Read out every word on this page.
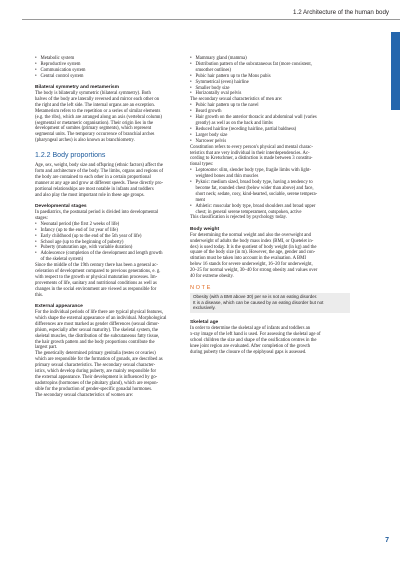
1.2 Architecture of the human body
• Metabolic system
• Reproductive system
• Communication system
• Central control system

Bilateral symmetry and metamerism

The body is bilaterally symmetric (bilateral symmetry). Both

halves of the body are laterally reversed and mirror each other on

the right and the left side. The internal organs are an exception.

Metamerism refers to the repetition or a series of similar elements

(e.g. the ribs), which are arranged along an axis (vertebral column)

(segmental or metameric organisation). Their origin lies in the

development of somites (primary segments), which represent

segmental units. The temporary occurrence of branchial arches

(pharyngeal arches) is also known as branchiometry.

1.2.2 Body proportions

Age, sex, weight, body size and offspring (ethnic factors) affect the

form and architecture of the body. The limbs, organs and regions of

the body are contained to each other in a certain proportional

manner at any age and grow at different speeds. These directly pro-

portional relationships are most notable in infants and toddlers

and also play the most important role in these age groups.

Developmental stages

In paediatrics, the postnatal period is divided into developmental

stages:

• Neonatal period (the first 2 weeks of life)
• Infancy (up to the end of 1st year of life)
• Early childhood (up to the end of the 5th year of life)
• School age (up to the beginning of puberty)
• Puberty (maturation age, with variable duration)
• Adolescence (completion of the development and length growth

of the skeletal system)

Since the middle of the 19th century there has been a general ac-

celeration of development compared to previous generations, e. g.

with respect to the growth or physical maturation processes. Im-

provements of life, sanitary and nutritional conditions as well as

changes in the social environment are viewed as responsible for

this.

External appearance

For the individual periods of life there are typical physical features,

which shape the external appearance of an individual. Morphological

differences are most marked as gender differences (sexual dimor-

phism, especially after sexual maturity). The skeletal system, the

skeletal muscles, the distribution of the subcutaneous fatty tissue,

the hair growth pattern and the body proportions contribute the

largest part.

The genetically determined primary genitalia (testes or ovaries)

which are responsible for the formation of gonads, are described as

primary sexual characteristics. The secondary sexual character-

istics, which develop during puberty, are mainly responsible for

the external appearance. Their development is influenced by go-

nadotropins (hormones of the pituitary gland), which are respon-

sible for the production of gender-specific gonadal hormones.

The secondary sexual characteristics of women are:

• Mammary gland (mamma)
• Distribution pattern of the subcutaneous fat (more consistent,

smoother outlines)

• Pubic hair pattern up to the Mons pubis
• Symmetrical (even) hairline
• Smaller body size
• Horizontally oval pelvis

The secondary sexual characteristics of men are:

• Pubic hair pattern up to the navel
• Beard growth
• Hair growth on the anterior thoracic and abdominal wall (varies

greatly) as well as on the back and limbs

• Reduced hairline (receding hairline, partial baldness)
• Larger body size
• Narrower pelvis

Constitution refers to every person's physical and mental charac-

teristics that are very individual in their interdependencies. Ac-

cording to Kretschmer, a distinction is made between 3 constitu-

tional types:

• Leptosome: slim, slender body type, fragile limbs with light-

weighted bones and thin muscles

• Pyknic: medium sized, broad body type, having a tendency to

become fat, rounded chest (below wider than above) and face,

short neck; sedate, cosy, kind-hearted, sociable, serene tempera-

ment

• Athletic: muscular body type, broad shoulders and broad upper

chest; in general serene temperament, outspoken, active

This classification is rejected by psychology today.

Body weight

For determining the normal weight and also the overweight and

underweight of adults the body mass index (BMI, or Quetelet in-

dex) is used today. It is the quotient of body weight (in kg) and the

square of the body size (in m). However, the age, gender and con-

stitution must be taken into account in the evaluation. A BMI

below 16 stands for severe underweight, 16–20 for underweight,

20–25 for normal weight, 30–40 for strong obesity and values over

40 for extreme obesity.

NOTE

Obesity (with a BMI above 30) per se is not an eating disorder.

It is a disease, which can be caused by an eating disorder but not

exclusively.

Skeletal age

In order to determine the skeletal age of infants and toddlers an

x-ray image of the left hand is used. For assessing the skeletal age of

school children the size and shape of the ossification centres in the

knee joint region are evaluated. After completion of the growth

during puberty the closure of the epiphyseal gaps is assessed.

7
